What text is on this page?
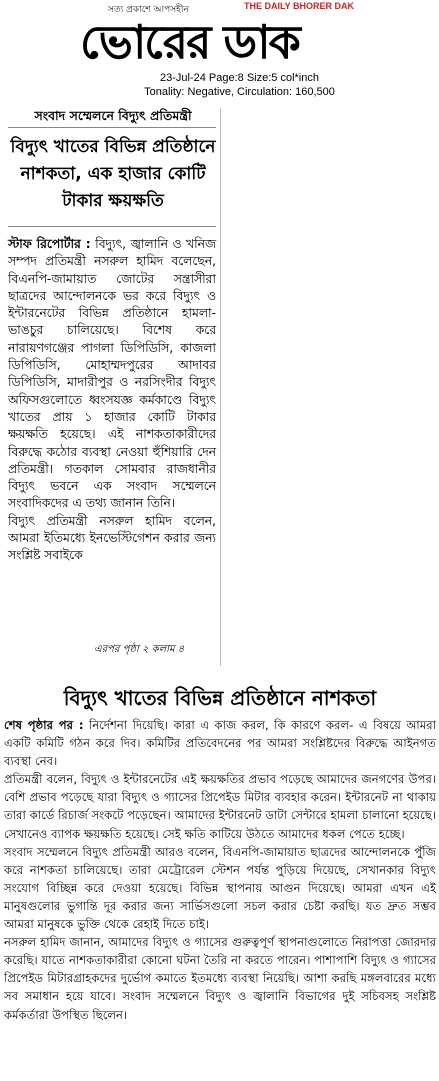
সত্য প্রকাশে আপসহীন	THE DAILY BHORER DAK
ভোরের ডাক
23-Jul-24 Page:8 Size:5 col*inch
Tonality: Negative, Circulation: 160,500
সংবাদ সম্মেলনে বিদ্যুৎ প্রতিমন্ত্রী
বিদ্যুৎ খাতের বিভিন্ন প্রতিষ্ঠানে
নাশকতা, এক হাজার কোটি
টাকার ক্ষয়ক্ষতি
স্টাফ রিপোর্টার : বিদ্যুৎ, জ্বালানি ও খনিজ সম্পদ প্রতিমন্ত্রী নসরুল হামিদ বলেছেন, বিএনপি-জামায়াত জোটের সন্ত্রাসীরা ছাত্রদের আন্দোলনকে ভর করে বিদ্যুৎ ও ইন্টারনেটের বিভিন্ন প্রতিষ্ঠানে হামলা-ভাঙচুর চালিয়েছে। বিশেষ করে নারায়ণগঞ্জের পাগলা ডিপিডিসি, কাজলা ডিপিডিসি, মোহাম্মদপুরের আদাবর ডিপিডিসি, মাদারীপুর ও নরসিংদীর বিদ্যুৎ অফিসগুলোতে ধ্বংসযজ্ঞ কর্মকাণ্ডে বিদ্যুৎ খাতের প্রায় ১ হাজার কোটি টাকার ক্ষয়ক্ষতি হয়েছে। এই নাশকতাকারীদের বিরুদ্ধে কঠোর ব্যবস্থা নেওয়া হুঁশিয়ারি দেন প্রতিমন্ত্রী। গতকাল সোমবার রাজধানীর বিদ্যুৎ ভবনে এক সংবাদ সম্মেলনে সংবাদিকদের এ তথ্য জানান তিনি।
বিদ্যুৎ প্রতিমন্ত্রী নসরুল হামিদ বলেন, আমরা ইতিমধ্যে ইনভেস্টিগেশন করার জন্য সংশ্লিষ্ট সবাইকে
এরপর পৃষ্ঠা ২ কলাম ৪
বিদ্যুৎ খাতের বিভিন্ন প্রতিষ্ঠানে নাশকতা

শেষ পৃষ্ঠার পর : নির্দেশনা দিয়েছি। কারা এ কাজ করল, কি কারণে করল- এ বিষয়ে আমরা একটি কমিটি গঠন করে দিব। কমিটির প্রতিবেদনের পর আমরা সংশ্লিষ্টদের বিরুদ্ধে আইনগত ব্যবস্থা নেব।

প্রতিমন্ত্রী বলেন, বিদ্যুৎ ও ইন্টারনেটের এই ক্ষয়ক্ষতির প্রভাব পড়েছে আমাদের জনগণের উপর। বেশি প্রভাব পড়েছে যারা বিদ্যুৎ ও গ্যাসের প্রিপেইড মিটার ব্যবহার করেন। ইন্টারনেট না থাকায় তারা কার্ডে রিচার্জ সংকটে পড়েছেন। আমাদের ইন্টারনেট ডাটা সেন্টারে হামলা চালানো হয়েছে। সেখানেও ব্যাপক ক্ষয়ক্ষতি হয়েছে। সেই ক্ষতি কাটিয়ে উঠতে আমাদের ধকল পেতে হচ্ছে।

সংবাদ সম্মেলনে বিদ্যুৎ প্রতিমন্ত্রী আরও বলেন, বিএনপি-জামায়াত ছাত্রদের আন্দোলনকে পুঁজি করে নাশকতা চালিয়েছে। তারা মেট্রোরেল স্টেশন পর্যন্ত পুড়িয়ে দিয়েছে, সেখানকার বিদ্যুৎ সংযোগ বিচ্ছিন্ন করে দেওয়া হয়েছে। বিভিন্ন স্থাপনায় আগুন দিয়েছে। আমরা এখন এই মানুষগুলোর ভুগান্তি দূর করার জন্য সার্ভিসগুলো সচল করার চেষ্টা করছি। যত দ্রুত সম্ভব আমরা মানুষকে ভুক্তি থেকে রেহাই দিতে চাই।

নসরুল হামিদ জানান, আমাদের বিদ্যুৎ ও গ্যাসের গুরুত্বপূর্ণ স্থাপনাগুলোতে নিরাপত্তা জোরদার করেছি। যাতে নাশকতাকারীরা কোনো ঘটনা তৈরি না করতে পারেন। পাশাপাশি বিদ্যুৎ ও গ্যাসের প্রিপেইড মিটারগ্রাহকদের দুর্ভোগ কমাতে ইতমধ্যে ব্যবস্থা নিয়েছি। আশা করছি মঙ্গলবারের মধ্যে সব সমাধান হয়ে যাবে। সংবাদ সম্মেলনে বিদ্যুৎ ও জ্বালানি বিভাগের দুই সচিবসহ সংশ্লিষ্ট কর্মকর্তারা উপস্থিত ছিলেন।
